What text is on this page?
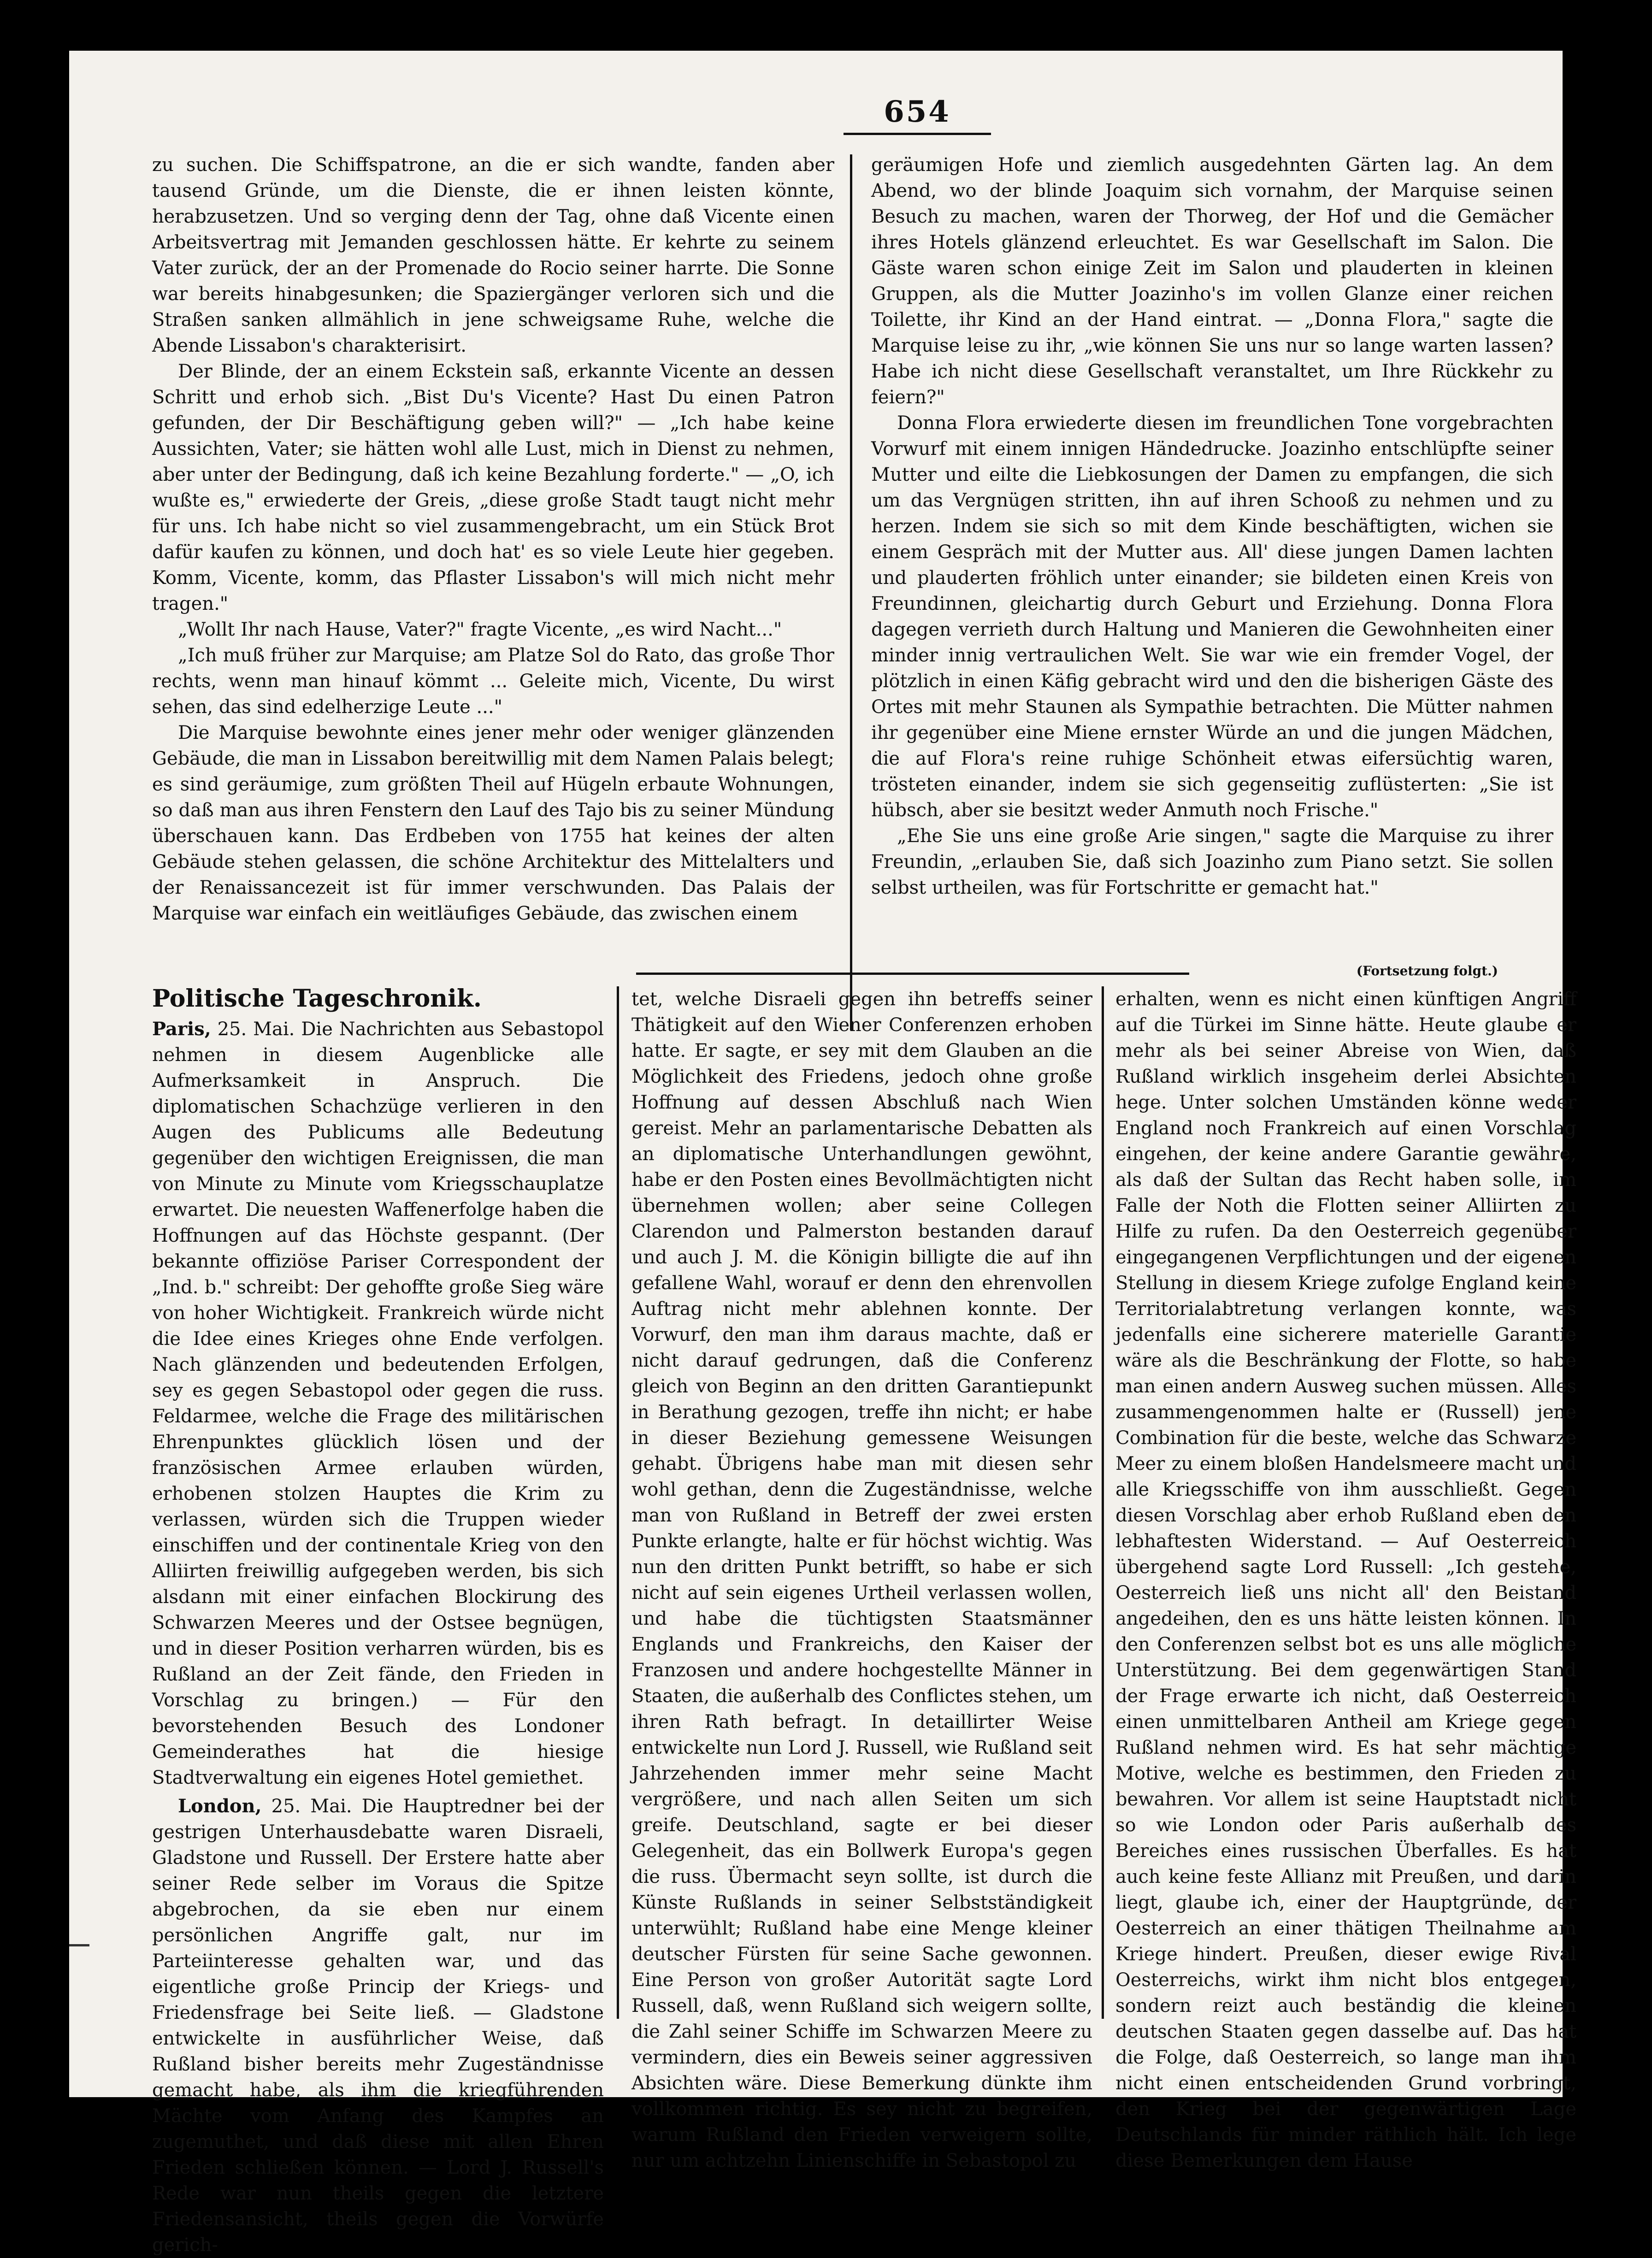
654

zu suchen. Die Schiffspatrone, an die er sich wandte, fanden aber tausend Gründe, um die Dienste, die er ihnen leisten könnte, herabzusetzen. Und so verging denn der Tag, ohne daß Vicente einen Arbeitsvertrag mit Jemanden geschlossen hätte. Er kehrte zu seinem Vater zurück, der an der Promenade do Rocio seiner harrte. Die Sonne war bereits hinabgesunken; die Spaziergänger verloren sich und die Straßen sanken allmählich in jene schweigsame Ruhe, welche die Abende Lissabon's charakterisirt.

Der Blinde, der an einem Eckstein saß, erkannte Vicente an dessen Schritt und erhob sich. „Bist Du's Vicente? Hast Du einen Patron gefunden, der Dir Beschäftigung geben will?" — „Ich habe keine Aussichten, Vater; sie hätten wohl alle Lust, mich in Dienst zu nehmen, aber unter der Bedingung, daß ich keine Bezahlung forderte." — „O, ich wußte es," erwiederte der Greis, „diese große Stadt taugt nicht mehr für uns. Ich habe nicht so viel zusammengebracht, um ein Stück Brot dafür kaufen zu können, und doch hat' es so viele Leute hier gegeben. Komm, Vicente, komm, das Pflaster Lissabon's will mich nicht mehr tragen."

„Wollt Ihr nach Hause, Vater?" fragte Vicente, „es wird Nacht..."

„Ich muß früher zur Marquise; am Platze Sol do Rato, das große Thor rechts, wenn man hinauf kömmt ... Geleite mich, Vicente, Du wirst sehen, das sind edelherzige Leute ..."

Die Marquise bewohnte eines jener mehr oder weniger glänzenden Gebäude, die man in Lissabon bereitwillig mit dem Namen Palais belegt; es sind geräumige, zum größten Theil auf Hügeln erbaute Wohnungen, so daß man aus ihren Fenstern den Lauf des Tajo bis zu seiner Mündung überschauen kann. Das Erdbeben von 1755 hat keines der alten Gebäude stehen gelassen, die schöne Architektur des Mittelalters und der Renaissancezeit ist für immer verschwunden. Das Palais der Marquise war einfach ein weitläufiges Gebäude, das zwischen einem

geräumigen Hofe und ziemlich ausgedehnten Gärten lag. An dem Abend, wo der blinde Joaquim sich vornahm, der Marquise seinen Besuch zu machen, waren der Thorweg, der Hof und die Gemächer ihres Hotels glänzend erleuchtet. Es war Gesellschaft im Salon. Die Gäste waren schon einige Zeit im Salon und plauderten in kleinen Gruppen, als die Mutter Joazinho's im vollen Glanze einer reichen Toilette, ihr Kind an der Hand eintrat. — „Donna Flora," sagte die Marquise leise zu ihr, „wie können Sie uns nur so lange warten lassen? Habe ich nicht diese Gesellschaft veranstaltet, um Ihre Rückkehr zu feiern?"

Donna Flora erwiederte diesen im freundlichen Tone vorgebrachten Vorwurf mit einem innigen Händedrucke. Joazinho entschlüpfte seiner Mutter und eilte die Liebkosungen der Damen zu empfangen, die sich um das Vergnügen stritten, ihn auf ihren Schooß zu nehmen und zu herzen. Indem sie sich so mit dem Kinde beschäftigten, wichen sie einem Gespräch mit der Mutter aus. All' diese jungen Damen lachten und plauderten fröhlich unter einander; sie bildeten einen Kreis von Freundinnen, gleichartig durch Geburt und Erziehung. Donna Flora dagegen verrieth durch Haltung und Manieren die Gewohnheiten einer minder innig vertraulichen Welt. Sie war wie ein fremder Vogel, der plötzlich in einen Käfig gebracht wird und den die bisherigen Gäste des Ortes mit mehr Staunen als Sympathie betrachten. Die Mütter nahmen ihr gegenüber eine Miene ernster Würde an und die jungen Mädchen, die auf Flora's reine ruhige Schönheit etwas eifersüchtig waren, trösteten einander, indem sie sich gegenseitig zuflüsterten: „Sie ist hübsch, aber sie besitzt weder Anmuth noch Frische."

„Ehe Sie uns eine große Arie singen," sagte die Marquise zu ihrer Freundin, „erlauben Sie, daß sich Joazinho zum Piano setzt. Sie sollen selbst urtheilen, was für Fortschritte er gemacht hat."

(Fortsetzung folgt.)
Politische Tageschronik.

Paris, 25. Mai. Die Nachrichten aus Sebastopol nehmen in diesem Augenblicke alle Aufmerksamkeit in Anspruch. Die diplomatischen Schachzüge verlieren in den Augen des Publicums alle Bedeutung gegenüber den wichtigen Ereignissen, die man von Minute zu Minute vom Kriegsschauplatze erwartet. Die neuesten Waffenerfolge haben die Hoffnungen auf das Höchste gespannt. (Der bekannte offiziöse Pariser Correspondent der „Ind. b." schreibt: Der gehoffte große Sieg wäre von hoher Wichtigkeit. Frankreich würde nicht die Idee eines Krieges ohne Ende verfolgen. Nach glänzenden und bedeutenden Erfolgen, sey es gegen Sebastopol oder gegen die russ. Feldarmee, welche die Frage des militärischen Ehrenpunktes glücklich lösen und der französischen Armee erlauben würden, erhobenen stolzen Hauptes die Krim zu verlassen, würden sich die Truppen wieder einschiffen und der continentale Krieg von den Alliirten freiwillig aufgegeben werden, bis sich alsdann mit einer einfachen Blockirung des Schwarzen Meeres und der Ostsee begnügen, und in dieser Position verharren würden, bis es Rußland an der Zeit fände, den Frieden in Vorschlag zu bringen.) — Für den bevorstehenden Besuch des Londoner Gemeinderathes hat die hiesige Stadtverwaltung ein eigenes Hotel gemiethet.

London, 25. Mai. Die Hauptredner bei der gestrigen Unterhausdebatte waren Disraeli, Gladstone und Russell. Der Erstere hatte aber seiner Rede selber im Voraus die Spitze abgebrochen, da sie eben nur einem persönlichen Angriffe galt, nur im Parteiinteresse gehalten war, und das eigentliche große Princip der Kriegs- und Friedensfrage bei Seite ließ. — Gladstone entwickelte in ausführlicher Weise, daß Rußland bisher bereits mehr Zugeständnisse gemacht habe, als ihm die kriegführenden Mächte vom Anfang des Kampfes an zugemuthet, und daß diese mit allen Ehren Frieden schließen können. — Lord J. Russell's Rede war nun theils gegen die letztere Friedensansicht, theils gegen die Vorwürfe gerich-

tet, welche Disraeli gegen ihn betreffs seiner Thätigkeit auf den Wiener Conferenzen erhoben hatte. Er sagte, er sey mit dem Glauben an die Möglichkeit des Friedens, jedoch ohne große Hoffnung auf dessen Abschluß nach Wien gereist. Mehr an parlamentarische Debatten als an diplomatische Unterhandlungen gewöhnt, habe er den Posten eines Bevollmächtigten nicht übernehmen wollen; aber seine Collegen Clarendon und Palmerston bestanden darauf und auch J. M. die Königin billigte die auf ihn gefallene Wahl, worauf er denn den ehrenvollen Auftrag nicht mehr ablehnen konnte. Der Vorwurf, den man ihm daraus machte, daß er nicht darauf gedrungen, daß die Conferenz gleich von Beginn an den dritten Garantiepunkt in Berathung gezogen, treffe ihn nicht; er habe in dieser Beziehung gemessene Weisungen gehabt. Übrigens habe man mit diesen sehr wohl gethan, denn die Zugeständnisse, welche man von Rußland in Betreff der zwei ersten Punkte erlangte, halte er für höchst wichtig. Was nun den dritten Punkt betrifft, so habe er sich nicht auf sein eigenes Urtheil verlassen wollen, und habe die tüchtigsten Staatsmänner Englands und Frankreichs, den Kaiser der Franzosen und andere hochgestellte Männer in Staaten, die außerhalb des Conflictes stehen, um ihren Rath befragt. In detaillirter Weise entwickelte nun Lord J. Russell, wie Rußland seit Jahrzehenden immer mehr seine Macht vergrößere, und nach allen Seiten um sich greife. Deutschland, sagte er bei dieser Gelegenheit, das ein Bollwerk Europa's gegen die russ. Übermacht seyn sollte, ist durch die Künste Rußlands in seiner Selbstständigkeit unterwühlt; Rußland habe eine Menge kleiner deutscher Fürsten für seine Sache gewonnen. Eine Person von großer Autorität sagte Lord Russell, daß, wenn Rußland sich weigern sollte, die Zahl seiner Schiffe im Schwarzen Meere zu vermindern, dies ein Beweis seiner aggressiven Absichten wäre. Diese Bemerkung dünkte ihm vollkommen richtig. Es sey nicht zu begreifen, warum Rußland den Frieden verweigern sollte, nur um achtzehn Linienschiffe in Sebastopol zu

erhalten, wenn es nicht einen künftigen Angriff auf die Türkei im Sinne hätte. Heute glaube er mehr als bei seiner Abreise von Wien, daß Rußland wirklich insgeheim derlei Absichten hege. Unter solchen Umständen könne weder England noch Frankreich auf einen Vorschlag eingehen, der keine andere Garantie gewähre, als daß der Sultan das Recht haben solle, im Falle der Noth die Flotten seiner Alliirten zu Hilfe zu rufen. Da den Oesterreich gegenüber eingegangenen Verpflichtungen und der eigenen Stellung in diesem Kriege zufolge England keine Territorialabtretung verlangen konnte, was jedenfalls eine sicherere materielle Garantie wäre als die Beschränkung der Flotte, so habe man einen andern Ausweg suchen müssen. Alles zusammengenommen halte er (Russell) jene Combination für die beste, welche das Schwarze Meer zu einem bloßen Handelsmeere macht und alle Kriegsschiffe von ihm ausschließt. Gegen diesen Vorschlag aber erhob Rußland eben den lebhaftesten Widerstand. — Auf Oesterreich übergehend sagte Lord Russell: „Ich gestehe, Oesterreich ließ uns nicht all' den Beistand angedeihen, den es uns hätte leisten können. In den Conferenzen selbst bot es uns alle mögliche Unterstützung. Bei dem gegenwärtigen Stand der Frage erwarte ich nicht, daß Oesterreich einen unmittelbaren Antheil am Kriege gegen Rußland nehmen wird. Es hat sehr mächtige Motive, welche es bestimmen, den Frieden zu bewahren. Vor allem ist seine Hauptstadt nicht so wie London oder Paris außerhalb des Bereiches eines russischen Überfalles. Es hat auch keine feste Allianz mit Preußen, und darin liegt, glaube ich, einer der Hauptgründe, der Oesterreich an einer thätigen Theilnahme am Kriege hindert. Preußen, dieser ewige Rival Oesterreichs, wirkt ihm nicht blos entgegen, sondern reizt auch beständig die kleinen deutschen Staaten gegen dasselbe auf. Das hat die Folge, daß Oesterreich, so lange man ihm nicht einen entscheidenden Grund vorbringt, den Krieg bei der gegenwärtigen Lage Deutschlands für minder räthlich hält. Ich lege diese Bemerkungen dem Hause
